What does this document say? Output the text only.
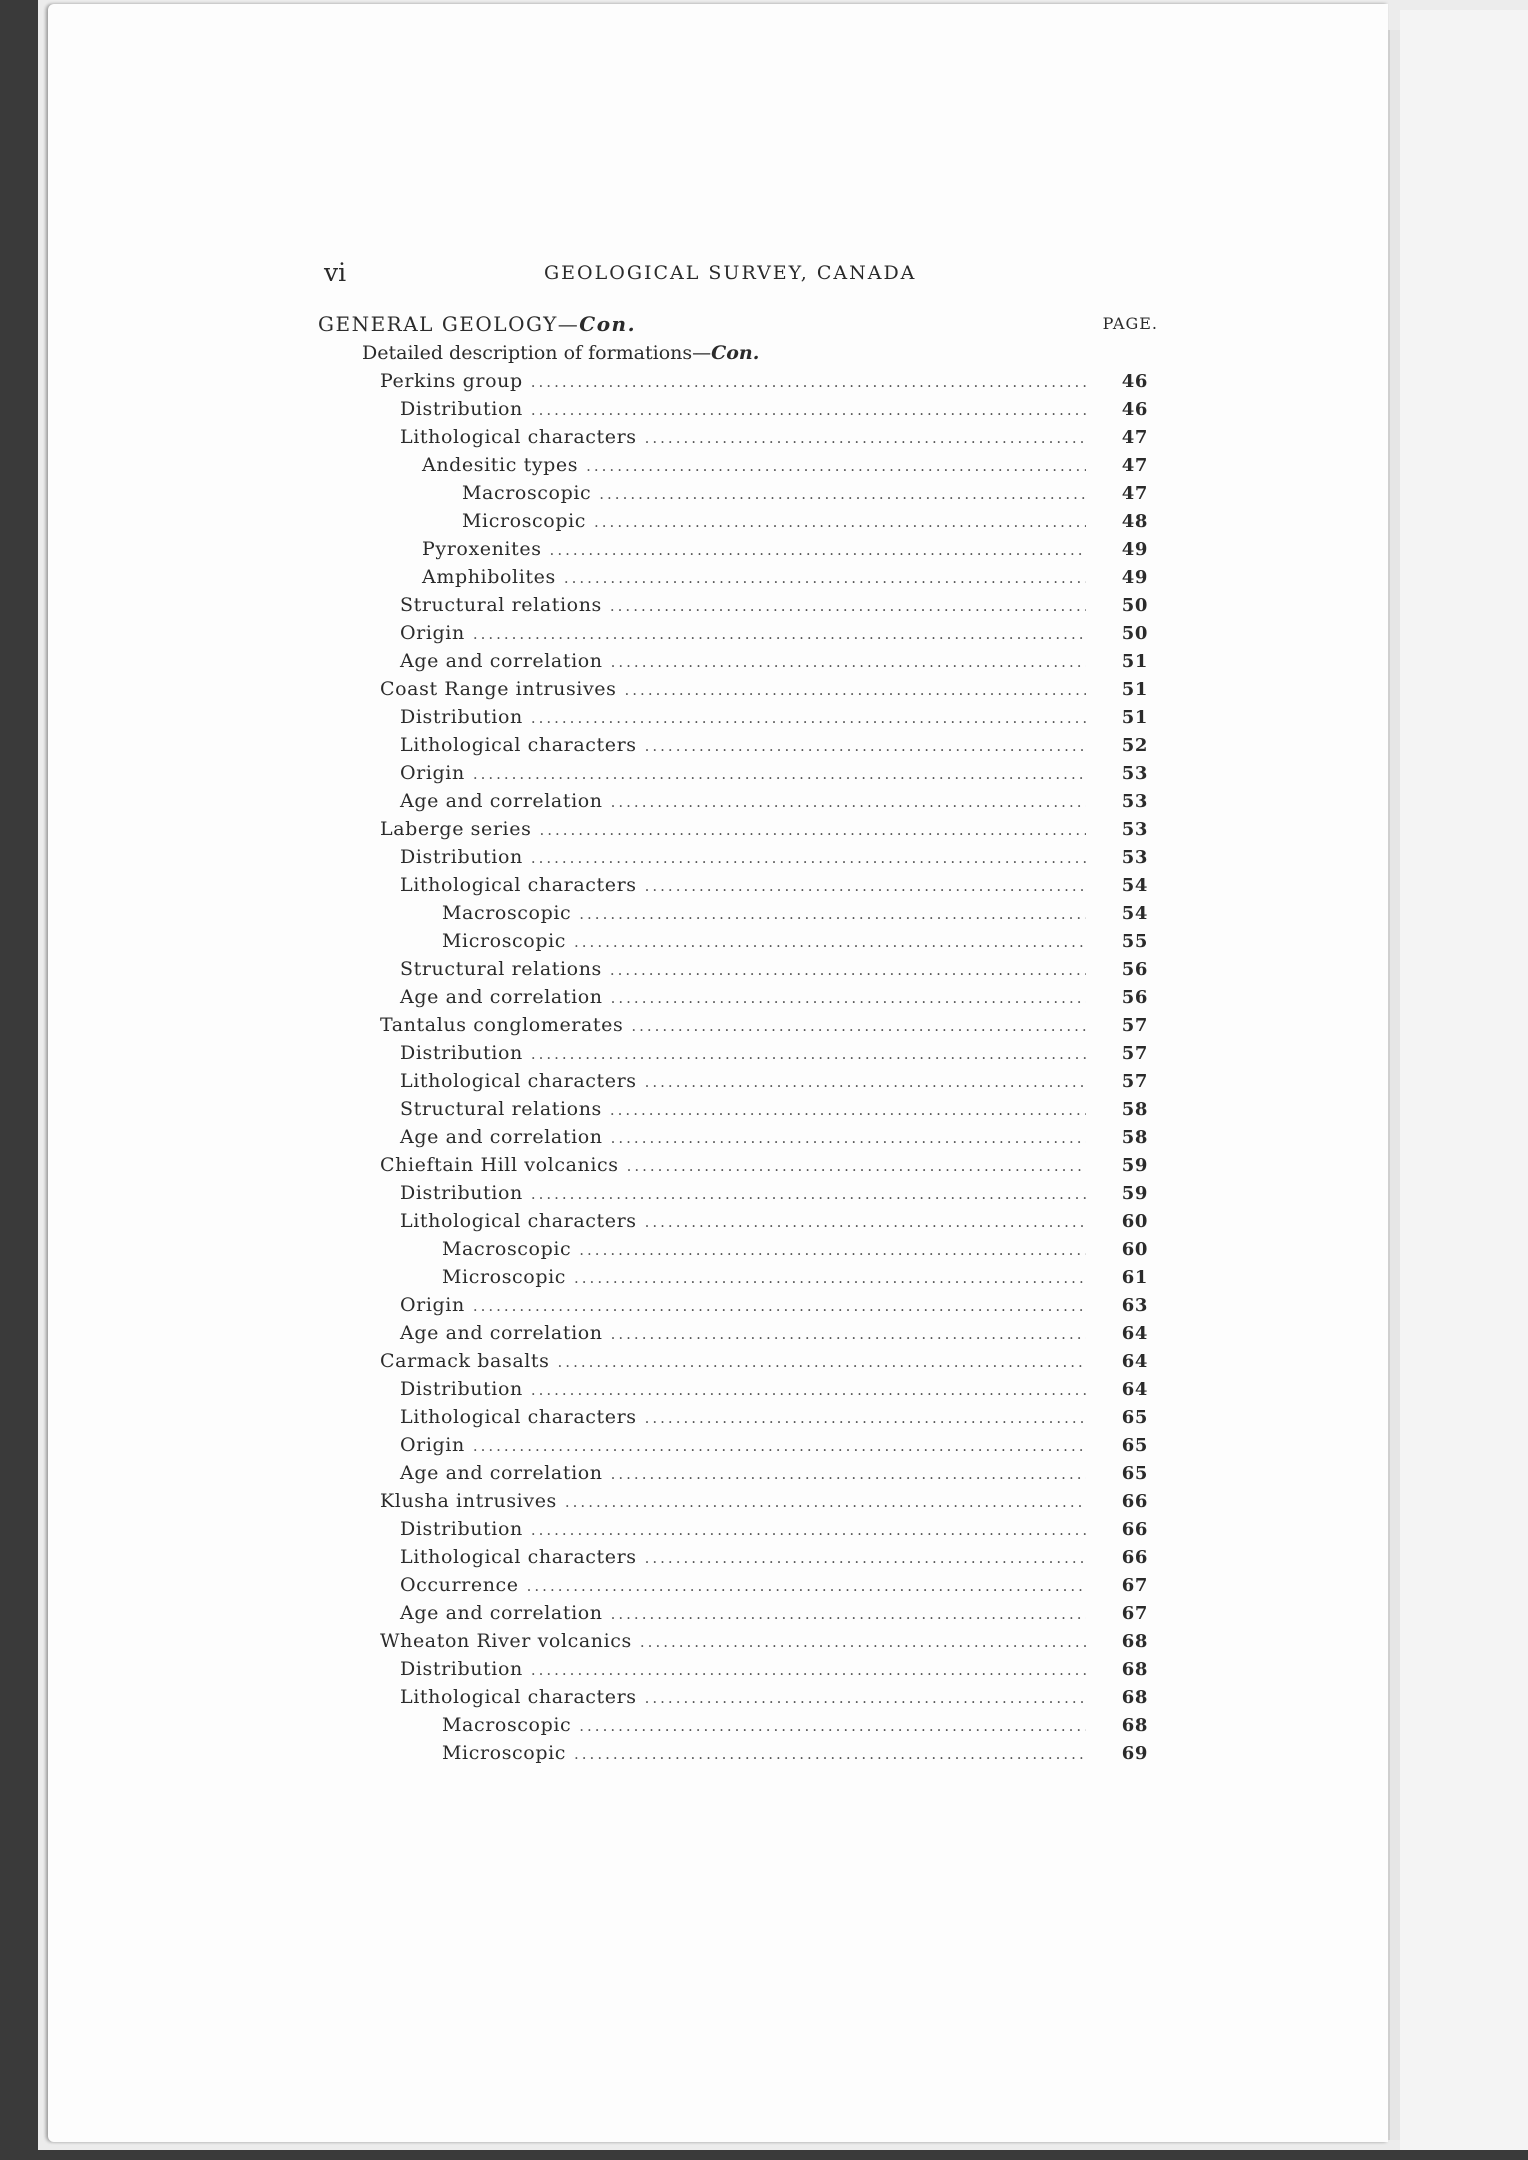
vi	GEOLOGICAL SURVEY, CANADA
GENERAL GEOLOGY—Con.	PAGE.
Detailed description of formations—Con.
Perkins group .....	46
Distribution .....	46
Lithological characters .....	47
Andesitic types .....	47
Macroscopic .....	47
Microscopic .....	48
Pyroxenites .....	49
Amphibolites .....	49
Structural relations .....	50
Origin .....	50
Age and correlation .....	51
Coast Range intrusives .....	51
Distribution .....	51
Lithological characters .....	52
Origin .....	53
Age and correlation .....	53
Laberge series .....	53
Distribution .....	53
Lithological characters .....	54
Macroscopic .....	54
Microscopic .....	55
Structural relations .....	56
Age and correlation .....	56
Tantalus conglomerates .....	57
Distribution .....	57
Lithological characters .....	57
Structural relations .....	58
Age and correlation .....	58
Chieftain Hill volcanics .....	59
Distribution .....	59
Lithological characters .....	60
Macroscopic .....	60
Microscopic .....	61
Origin .....	63
Age and correlation .....	64
Carmack basalts .....	64
Distribution .....	64
Lithological characters .....	65
Origin .....	65
Age and correlation .....	65
Klusha intrusives .....	66
Distribution .....	66
Lithological characters .....	66
Occurrence .....	67
Age and correlation .....	67
Wheaton River volcanics .....	68
Distribution .....	68
Lithological characters .....	68
Macroscopic .....	68
Microscopic .....	69
